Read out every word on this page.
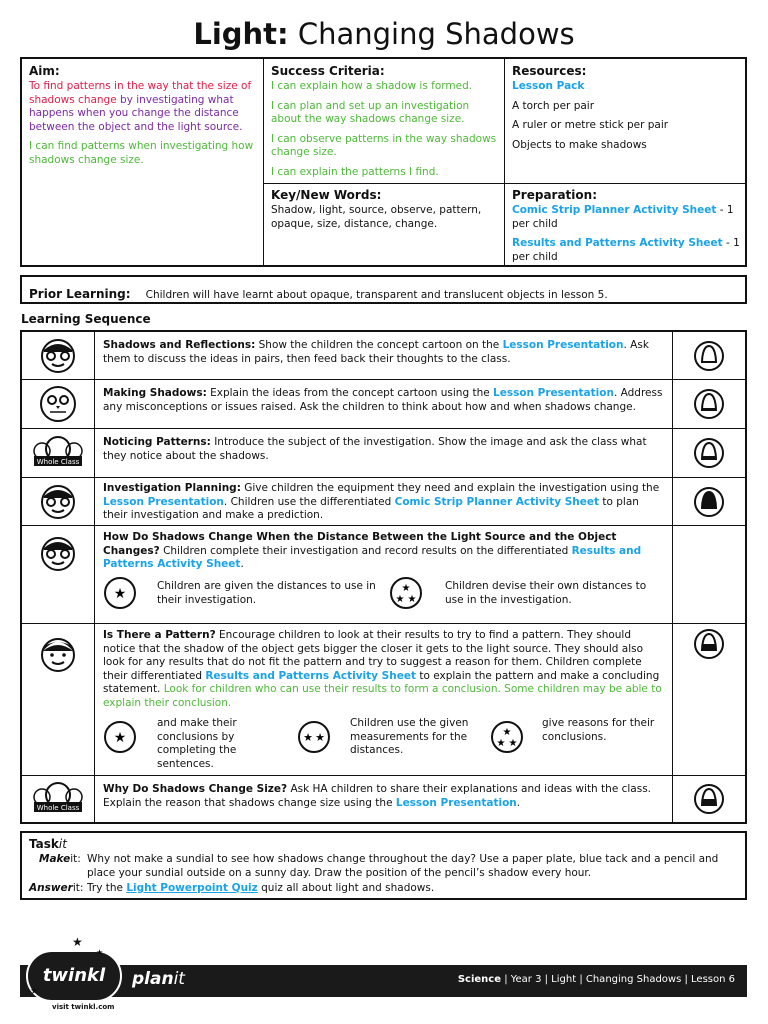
Light: Changing Shadows
Aim:
To find patterns in the way that the size of shadows change by investigating what happens when you change the distance between the object and the light source.
I can find patterns when investigating how shadows change size.
Success Criteria:
I can explain how a shadow is formed.
I can plan and set up an investigation about the way shadows change size.
I can observe patterns in the way shadows change size.
I can explain the patterns I find.
Resources:
Lesson Pack
A torch per pair
A ruler or metre stick per pair
Objects to make shadows
Key/New Words:
Shadow, light, source, observe, pattern, opaque, size, distance, change.
Preparation:
Comic Strip Planner Activity Sheet - 1 per child
Results and Patterns Activity Sheet - 1 per child
Prior Learning: Children will have learnt about opaque, transparent and translucent objects in lesson 5.
Learning Sequence
Shadows and Reflections: Show the children the concept cartoon on the Lesson Presentation. Ask them to discuss the ideas in pairs, then feed back their thoughts to the class.
Making Shadows: Explain the ideas from the concept cartoon using the Lesson Presentation. Address any misconceptions or issues raised. Ask the children to think about how and when shadows change.
Whole Class
Noticing Patterns: Introduce the subject of the investigation. Show the image and ask the class what they notice about the shadows.
Investigation Planning: Give children the equipment they need and explain the investigation using the Lesson Presentation. Children use the differentiated Comic Strip Planner Activity Sheet to plan their investigation and make a prediction.
How Do Shadows Change When the Distance Between the Light Source and the Object Changes? Children complete their investigation and record results on the differentiated Results and Patterns Activity Sheet.
★	Children are given the distances to use in their investigation.
★
★ ★
Children devise their own distances to use in the investigation.
Is There a Pattern? Encourage children to look at their results to try to find a pattern. They should notice that the shadow of the object gets bigger the closer it gets to the light source. They should also look for any results that do not fit the pattern and try to suggest a reason for them. Children complete their differentiated Results and Patterns Activity Sheet to explain the pattern and make a concluding statement. Look for children who can use their results to form a conclusion. Some children may be able to explain their conclusion.
★
and make their conclusions by completing the sentences.
★ ★
Children use the given measurements for the distances.
★
★ ★
give reasons for their conclusions.
Whole Class
Why Do Shadows Change Size? Ask HA children to share their explanations and ideas with the class. Explain the reason that shadows change size using the Lesson Presentation.
Taskit
Makeit: Why not make a sundial to see how shadows change throughout the day? Use a paper plate, blue tack and a pencil and place your sundial outside on a sunny day. Draw the position of the pencil’s shadow every hour.
Answerit: Try the Light Powerpoint Quiz quiz all about light and shadows.
Science | Year 3 | Light | Changing Shadows | Lesson 6
twinkl
★
★
★
planit
visit twinkl.com
